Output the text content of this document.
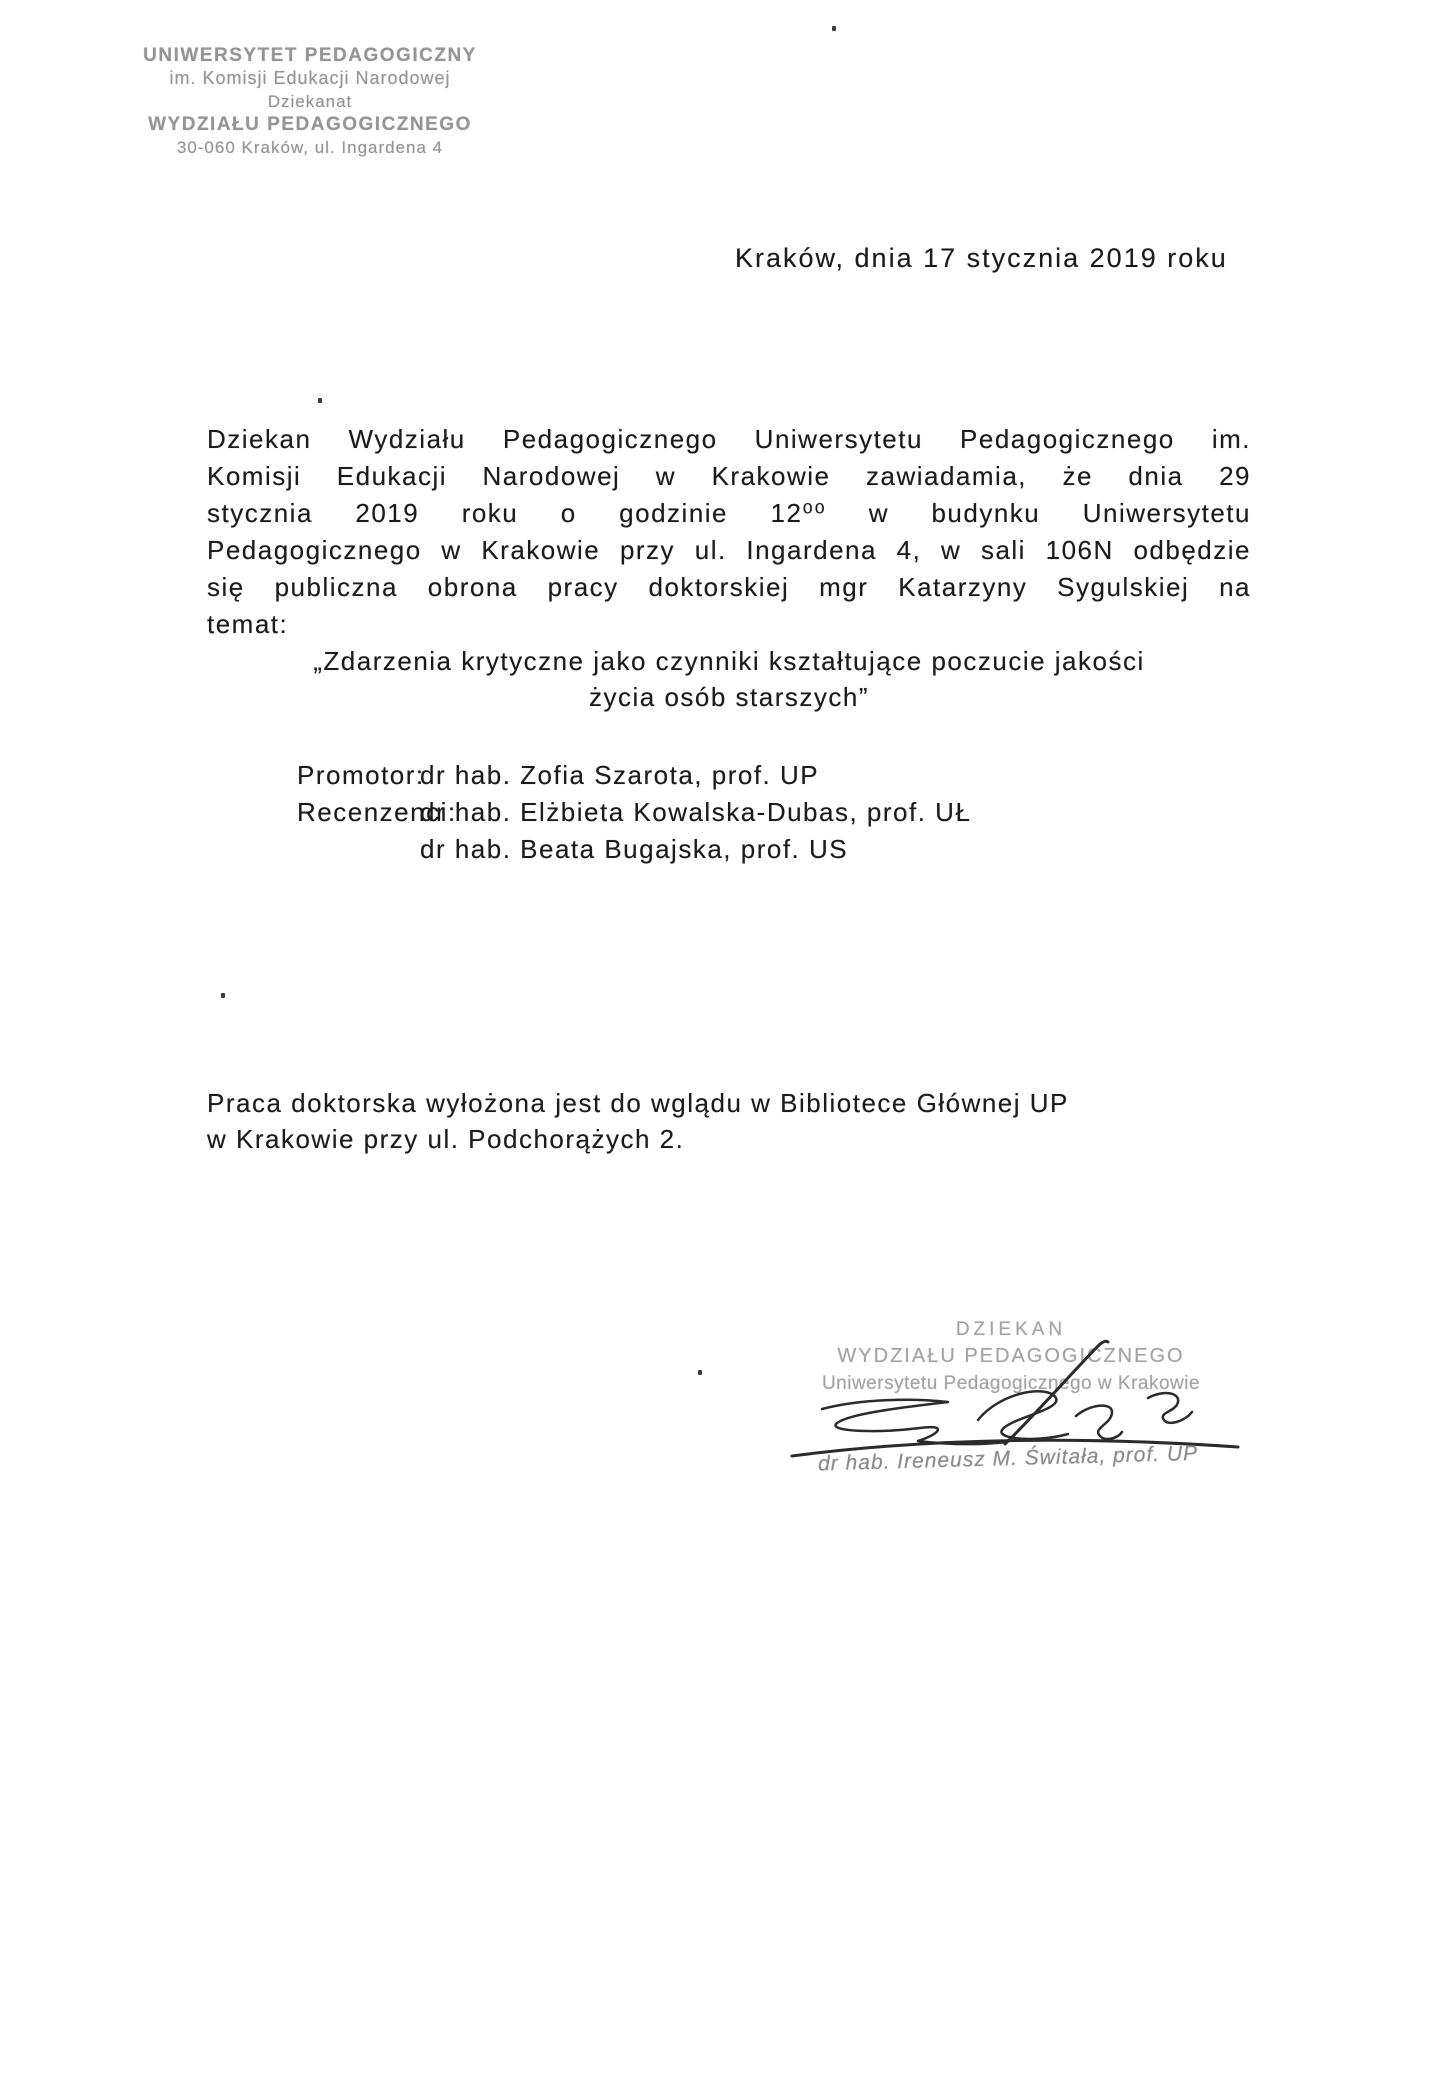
UNIWERSYTET PEDAGOGICZNY
im. Komisji Edukacji Narodowej
Dziekanat
WYDZIAŁU PEDAGOGICZNEGO
30-060 Kraków, ul. Ingardena 4
Kraków, dnia 17 stycznia 2019 roku
Dziekan Wydziału Pedagogicznego Uniwersytetu Pedagogicznego im.
Komisji Edukacji Narodowej w Krakowie zawiadamia, że dnia 29
stycznia 2019 roku o godzinie 12⁰⁰ w budynku Uniwersytetu
Pedagogicznego w Krakowie przy ul. Ingardena 4, w sali 106N odbędzie
się publiczna obrona pracy doktorskiej mgr Katarzyny Sygulskiej na
temat:
„Zdarzenia krytyczne jako czynniki kształtujące poczucie jakości
życia osób starszych”
Promotor:dr hab. Zofia Szarota, prof. UP
Recenzenci:dr hab. Elżbieta Kowalska-Dubas, prof. UŁ
dr hab. Beata Bugajska, prof. US
Praca doktorska wyłożona jest do wglądu w Bibliotece Głównej UP
w Krakowie przy ul. Podchorążych 2.
DZIEKAN
WYDZIAŁU PEDAGOGICZNEGO
Uniwersytetu Pedagogicznego w Krakowie
dr hab. Ireneusz M. Świtała, prof. UP
